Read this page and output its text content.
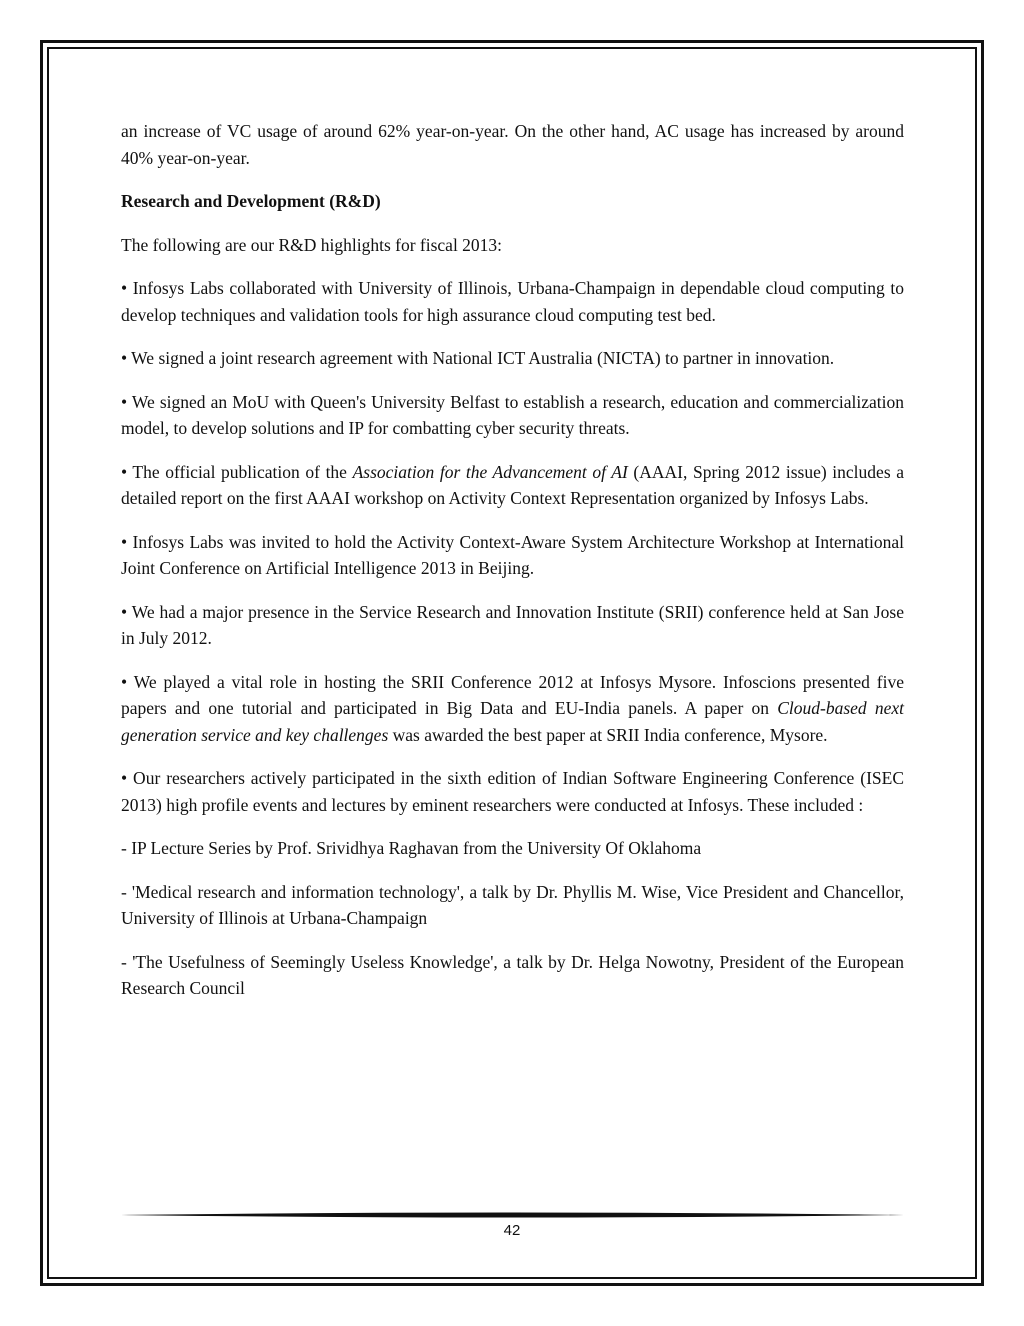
an increase of VC usage of around 62% year-on-year. On the other hand, AC usage has increased by around 40% year-on-year.

Research and Development (R&D)

The following are our R&D highlights for fiscal 2013:

• Infosys Labs collaborated with University of Illinois, Urbana-Champaign in dependable cloud computing to develop techniques and validation tools for high assurance cloud computing test bed.

• We signed a joint research agreement with National ICT Australia (NICTA) to partner in innovation.

• We signed an MoU with Queen's University Belfast to establish a research, education and commercialization model, to develop solutions and IP for combatting cyber security threats.

• The official publication of the Association for the Advancement of AI (AAAI, Spring 2012 issue) includes a detailed report on the first AAAI workshop on Activity Context Representation organized by Infosys Labs.

• Infosys Labs was invited to hold the Activity Context-Aware System Architecture Workshop at International Joint Conference on Artificial Intelligence 2013 in Beijing.

• We had a major presence in the Service Research and Innovation Institute (SRII) conference held at San Jose in July 2012.

• We played a vital role in hosting the SRII Conference 2012 at Infosys Mysore. Infoscions presented five papers and one tutorial and participated in Big Data and EU-India panels. A paper on Cloud‑based next generation service and key challenges was awarded the best paper at SRII India conference, Mysore.

• Our researchers actively participated in the sixth edition of Indian Software Engineering Conference (ISEC 2013) high profile events and lectures by eminent researchers were conducted at Infosys. These included :

- IP Lecture Series by Prof. Srividhya Raghavan from the University Of Oklahoma

- 'Medical research and information technology', a talk by Dr. Phyllis M. Wise, Vice President and Chancellor, University of Illinois at Urbana-Champaign

- 'The Usefulness of Seemingly Useless Knowledge', a talk by Dr. Helga Nowotny, President of the European Research Council

42
